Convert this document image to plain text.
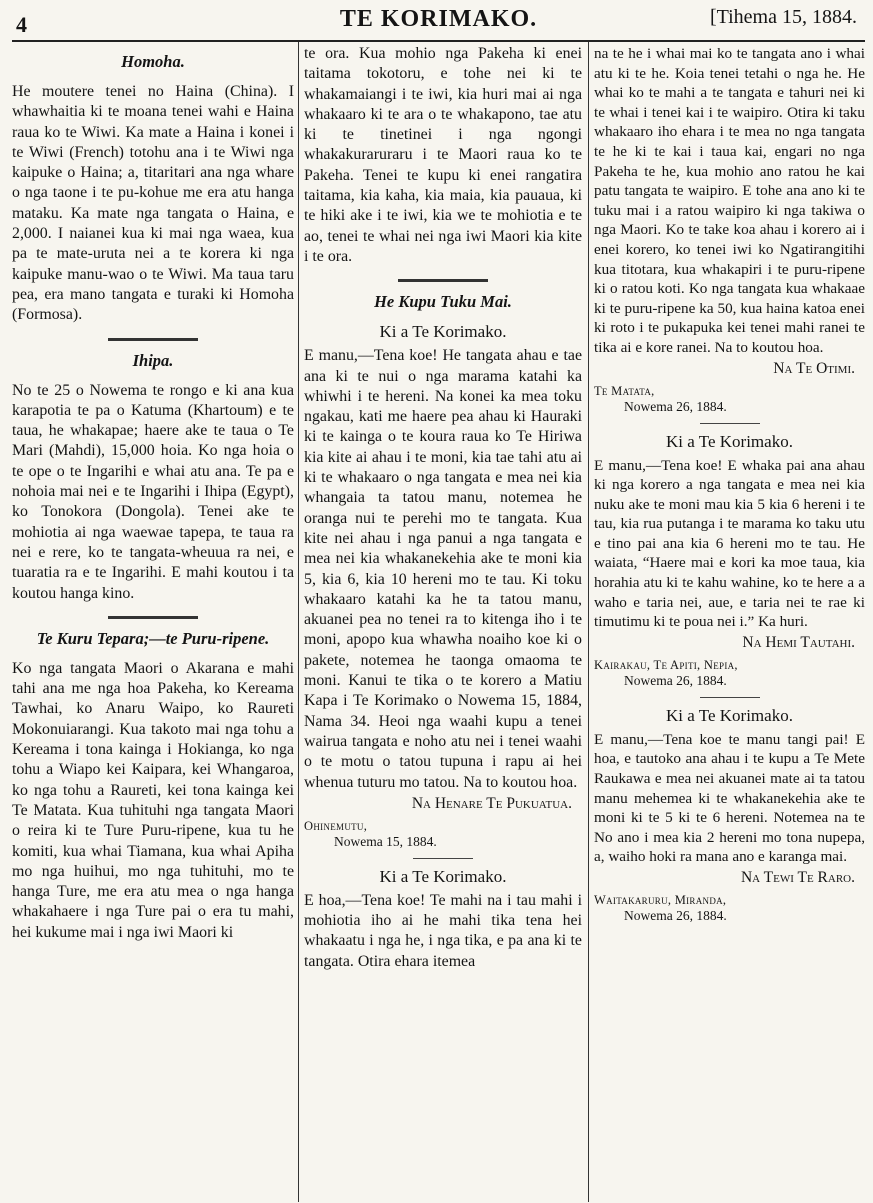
4	TE KORIMAKO.	[Tihema 15, 1884.
Homoha.

He moutere tenei no Haina (China). I whawhaitia ki te moana tenei wahi e Haina raua ko te Wiwi. Ka mate a Haina i konei i te Wiwi (French) totohu ana i te Wiwi nga kaipuke o Haina; a, titaritari ana nga whare o nga taone i te pu-kohue me era atu hanga mataku. Ka mate nga tangata o Haina, e 2,000. I naianei kua ki mai nga waea, kua pa te mate-uruta nei a te korera ki nga kaipuke manu-wao o te Wiwi. Ma taua taru pea, era mano tangata e turaki ki Homoha (Formosa).

Ihipa.

No te 25 o Nowema te rongo e ki ana kua karapotia te pa o Katuma (Khartoum) e te taua, he whakapae; haere ake te taua o Te Mari (Mahdi), 15,000 hoia. Ko nga hoia o te ope o te Ingarihi e whai atu ana. Te pa e nohoia mai nei e te Ingarihi i Ihipa (Egypt), ko Tonokora (Dongola). Tenei ake te mohiotia ai nga waewae tapepa, te taua ra nei e rere, ko te tangata-wheuua ra nei, e tuaratia ra e te Ingarihi. E mahi koutou i ta koutou hanga kino.

Te Kuru Tepara;—te Puru-ripene.

Ko nga tangata Maori o Akarana e mahi tahi ana me nga hoa Pakeha, ko Kereama Tawhai, ko Anaru Waipo, ko Raureti Mokonuiarangi. Kua takoto mai nga tohu a Kereama i tona kainga i Hokianga, ko nga tohu a Wiapo kei Kaipara, kei Whangaroa, ko nga tohu a Raureti, kei tona kainga kei Te Matata. Kua tuhituhi nga tangata Maori o reira ki te Ture Puru-ripene, kua tu he komiti, kua whai Tiamana, kua whai Apiha mo nga huihui, mo nga tuhituhi, mo te hanga Ture, me era atu mea o nga hanga whakahaere i nga Ture pai o era tu mahi, hei kukume mai i nga iwi Maori ki

te ora. Kua mohio nga Pakeha ki enei taitama tokotoru, e tohe nei ki te whakamaiangi i te iwi, kia huri mai ai nga whakaaro ki te ara o te whakapono, tae atu ki te tinetinei i nga ngongi whakakuraruraru i te Maori raua ko te Pakeha. Tenei te kupu ki enei rangatira taitama, kia kaha, kia maia, kia pauaua, ki te hiki ake i te iwi, kia we te mohiotia e te ao, tenei te whai nei nga iwi Maori kia kite i te ora.

He Kupu Tuku Mai.
Ki a Te Korimako.

E manu,—Tena koe! He tangata ahau e tae ana ki te nui o nga marama katahi ka whiwhi i te hereni. Na konei ka mea toku ngakau, kati me haere pea ahau ki Hauraki ki te kainga o te koura raua ko Te Hiriwa kia kite ai ahau i te moni, kia tae tahi atu ai ki te whakaaro o nga tangata e mea nei kia whangaia ta tatou manu, notemea he oranga nui te perehi mo te tangata. Kua kite nei ahau i nga panui a nga tangata e mea nei kia whakanekehia ake te moni kia 5, kia 6, kia 10 hereni mo te tau. Ki toku whakaaro katahi ka he ta tatou manu, akuanei pea no tenei ra to kitenga iho i te moni, apopo kua whawha noaiho koe ki o pakete, notemea he taonga omaoma te moni. Kanui te tika o te korero a Matiu Kapa i Te Korimako o Nowema 15, 1884, Nama 34. Heoi nga waahi kupu a tenei wairua tangata e noho atu nei i tenei waahi o te motu o tatou tupuna i rapu ai hei whenua tuturu mo tatou. Na to koutou hoa.

Na Henare Te Pukuatua.
Ohinemutu,
Nowema 15, 1884.
Ki a Te Korimako.

E hoa,—Tena koe! Te mahi na i tau mahi i mohiotia iho ai he mahi tika tena hei whakaatu i nga he, i nga tika, e pa ana ki te tangata. Otira ehara itemea

na te he i whai mai ko te tangata ano i whai atu ki te he. Koia tenei tetahi o nga he. He whai ko te mahi a te tangata e tahuri nei ki te whai i tenei kai i te waipiro. Otira ki taku whakaaro iho ehara i te mea no nga tangata te he ki te kai i taua kai, engari no nga Pakeha te he, kua mohio ano ratou he kai patu tangata te waipiro. E tohe ana ano ki te tuku mai i a ratou waipiro ki nga takiwa o nga Maori. Ko te take koa ahau i korero ai i enei korero, ko tenei iwi ko Ngatirangitihi kua titotara, kua whakapiri i te puru-ripene ki o ratou koti. Ko nga tangata kua whakaae ki te puru-ripene ka 50, kua haina katoa enei ki roto i te pukapuka kei tenei mahi ranei te tika ai e kore ranei. Na to koutou hoa.

Na Te Otimi.
Te Matata,
Nowema 26, 1884.
Ki a Te Korimako.

E manu,—Tena koe! E whaka pai ana ahau ki nga korero a nga tangata e mea nei kia nuku ake te moni mau kia 5 kia 6 hereni i te tau, kia rua putanga i te marama ko taku utu e tino pai ana kia 6 hereni mo te tau. He waiata, “Haere mai e kori ka moe taua, kia horahia atu ki te kahu wahine, ko te here a a waho e taria nei, aue, e taria nei te rae ki timutimu ki te poua nei i.” Ka huri.

Na Hemi Tautahi.
Kairakau, Te Apiti, Nepia,
Nowema 26, 1884.
Ki a Te Korimako.

E manu,—Tena koe te manu tangi pai! E hoa, e tautoko ana ahau i te kupu a Te Mete Raukawa e mea nei akuanei mate ai ta tatou manu mehemea ki te whakanekehia ake te moni ki te 5 ki te 6 hereni. Notemea na te No ano i mea kia 2 hereni mo tona nupepa, a, waiho hoki ra mana ano e karanga mai.

Na Tewi Te Raro.
Waitakaruru, Miranda,
Nowema 26, 1884.
